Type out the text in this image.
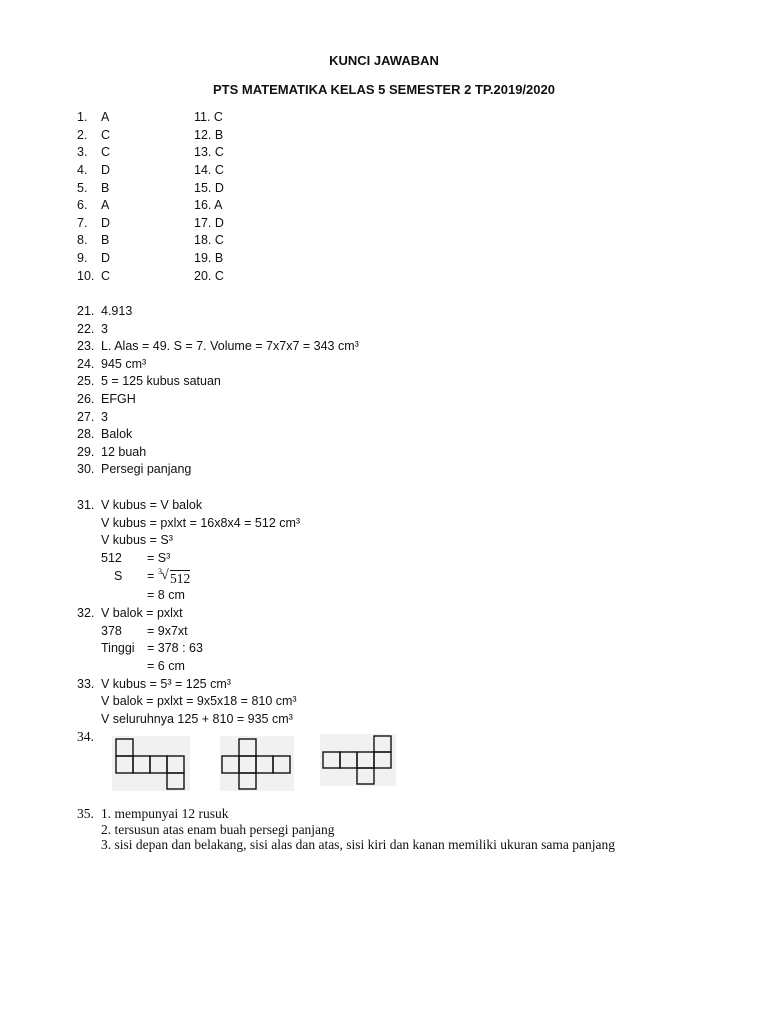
KUNCI JAWABAN
PTS MATEMATIKA KELAS 5 SEMESTER 2 TP.2019/2020
1.	A	11. C
2.	C	12. B
3.	C	13. C
4.	D	14. C
5.	B	15. D
6.	A	16. A
7.	D	17. D
8.	B	18. C
9.	D	19. B
10. C	20. C
21. 4.913
22. 3
23. L. Alas = 49. S = 7. Volume = 7x7x7 = 343 cm³
24. 945 cm³
25. 5 = 125 kubus satuan
26. EFGH
27. 3
28. Balok
29. 12 buah
30. Persegi panjang
31. V kubus = V balok
V kubus = pxlxt = 16x8x4 = 512 cm³
V kubus = S³
512 = S³
S = 3 √ 512
= 8 cm
32. V balok = pxlxt
378 = 9x7xt
Tinggi = 378 : 63
= 6 cm
33. V kubus = 5³ = 125 cm³
V balok = pxlxt = 9x5x18 = 810 cm³
V seluruhnya 125 + 810 = 935 cm³
34.
35. 1. mempunyai 12 rusuk
2. tersusun atas enam buah persegi panjang
3. sisi depan dan belakang, sisi alas dan atas, sisi kiri dan kanan memiliki ukuran sama panjang
